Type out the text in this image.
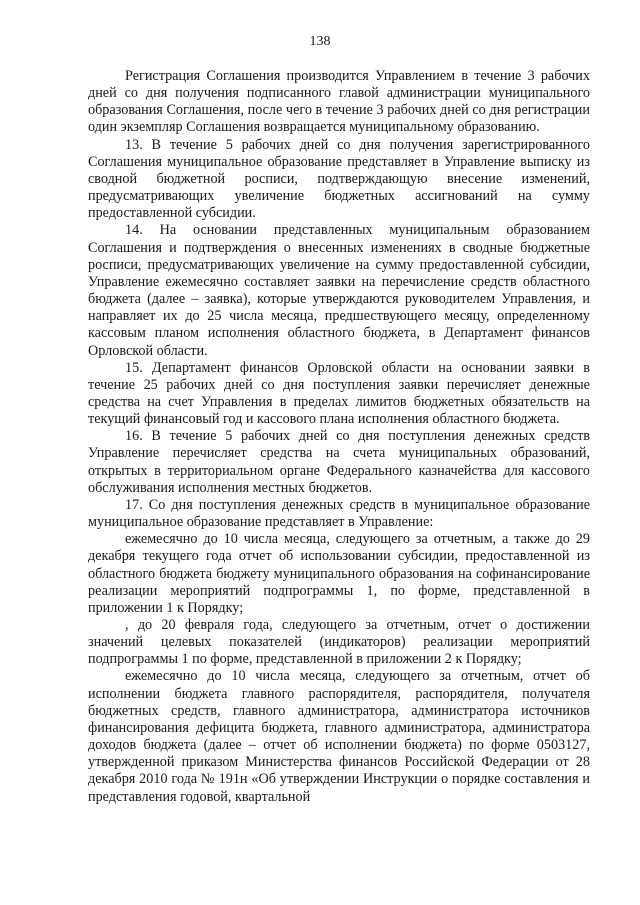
138

Регистрация Соглашения производится Управлением в течение 3 рабочих дней со дня получения подписанного главой администрации муниципального образования Соглашения, после чего в течение 3 рабочих дней со дня регистрации один экземпляр Соглашения возвращается муниципальному образованию.

13. В течение 5 рабочих дней со дня получения зарегистрированного Соглашения муниципальное образование представляет в Управление выписку из сводной бюджетной росписи, подтверждающую внесение изменений, предусматривающих увеличение бюджетных ассигнований на сумму предоставленной субсидии.

14. На основании представленных муниципальным образованием Соглашения и подтверждения о внесенных изменениях в сводные бюджетные росписи, предусматривающих увеличение на сумму предоставленной субсидии, Управление ежемесячно составляет заявки на перечисление средств областного бюджета (далее – заявка), которые утверждаются руководителем Управления, и направляет их до 25 числа месяца, предшествующего месяцу, определенному кассовым планом исполнения областного бюджета, в Департамент финансов Орловской области.

15. Департамент финансов Орловской области на основании заявки в течение 25 рабочих дней со дня поступления заявки перечисляет денежные средства на счет Управления в пределах лимитов бюджетных обязательств на текущий финансовый год и кассового плана исполнения областного бюджета.

16. В течение 5 рабочих дней со дня поступления денежных средств Управление перечисляет средства на счета муниципальных образований, открытых в территориальном органе Федерального казначейства для кассового обслуживания исполнения местных бюджетов.

17. Со дня поступления денежных средств в муниципальное образование муниципальное образование представляет в Управление:

ежемесячно до 10 числа месяца, следующего за отчетным, а также до 29 декабря текущего года отчет об использовании субсидии, предоставленной из областного бюджета бюджету муниципального образования на софинансирование реализации мероприятий подпрограммы 1, по форме, представленной в приложении 1 к Порядку;

, до 20 февраля года, следующего за отчетным, отчет о достижении значений целевых показателей (индикаторов) реализации мероприятий подпрограммы 1 по форме, представленной в приложении 2 к Порядку;

ежемесячно до 10 числа месяца, следующего за отчетным, отчет об исполнении бюджета главного распорядителя, распорядителя, получателя бюджетных средств, главного администратора, администратора источников финансирования дефицита бюджета, главного администратора, администратора доходов бюджета (далее – отчет об исполнении бюджета) по форме 0503127, утвержденной приказом Министерства финансов Российской Федерации от 28 декабря 2010 года № 191н «Об утверждении Инструкции о порядке составления и представления годовой, квартальной
